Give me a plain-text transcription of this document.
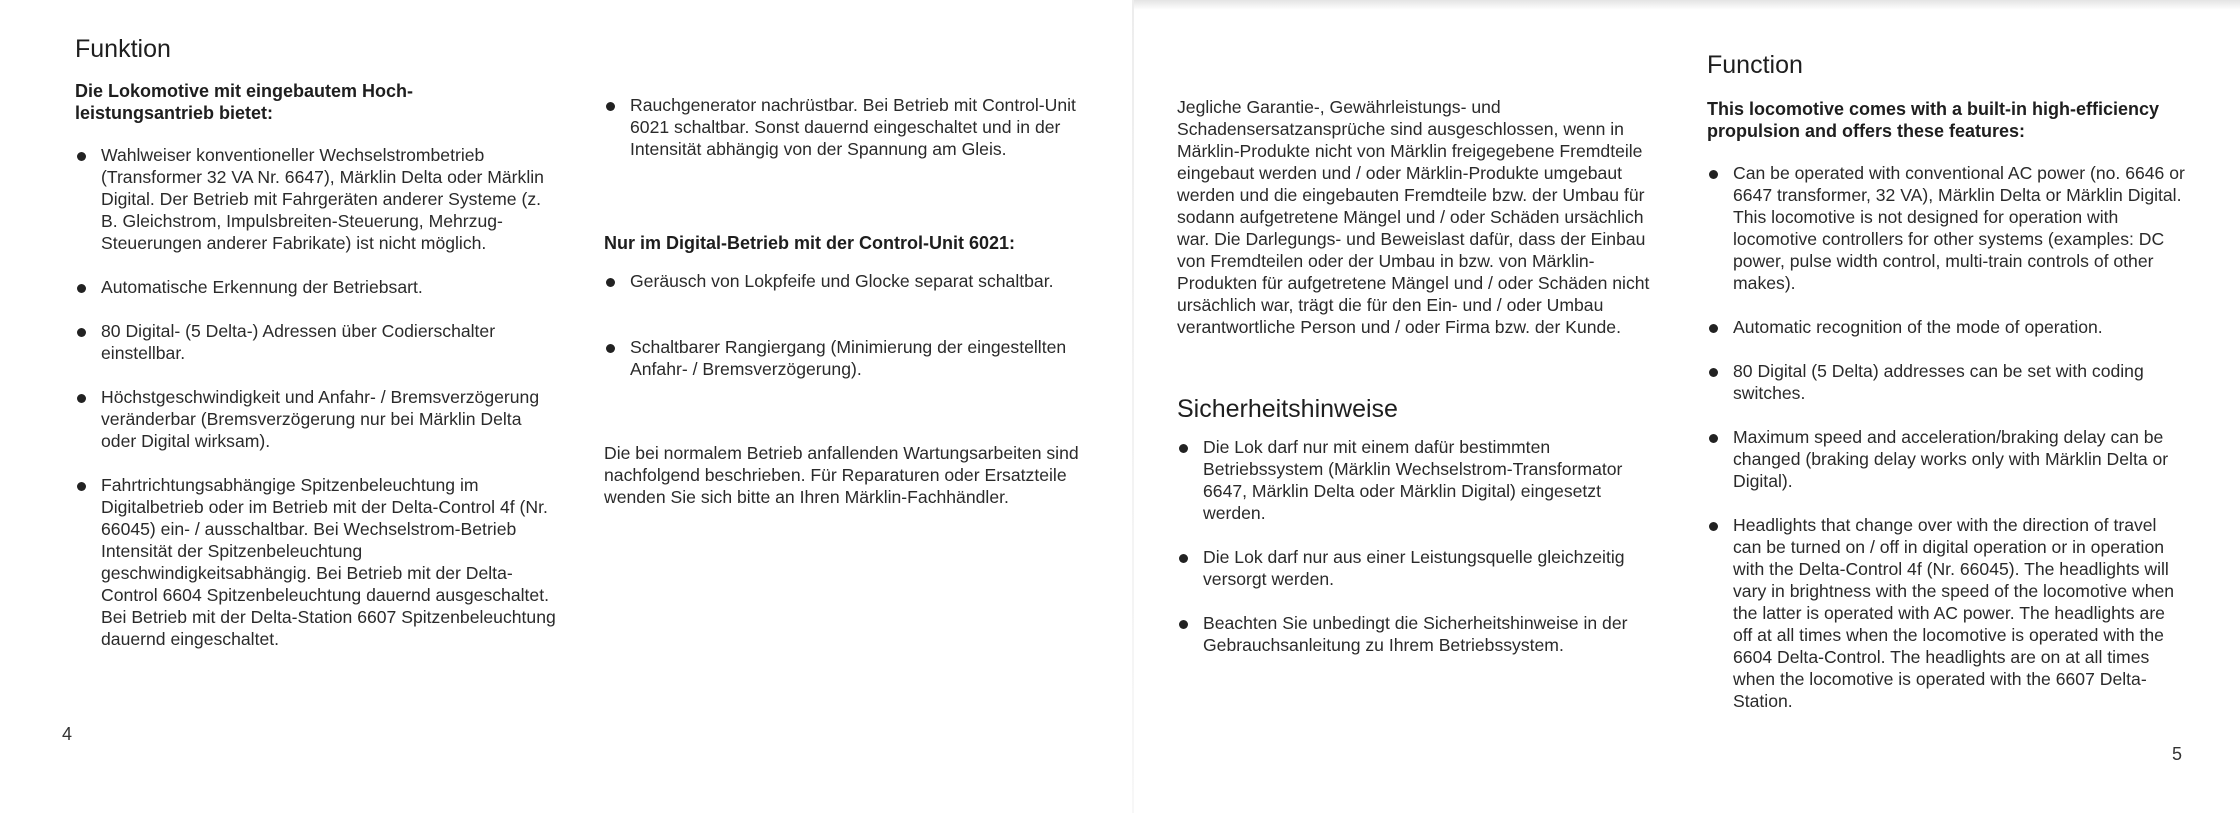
Funktion

Die Lokomotive mit eingebautem Hoch-leistungsantrieb bietet:

Wahlweiser konventioneller Wechselstrombetrieb (Transformer 32 VA Nr. 6647), Märklin Delta oder Märklin Digital. Der Betrieb mit Fahrgeräten anderer Systeme (z. B. Gleichstrom, Impulsbreiten-Steuerung, Mehrzug-Steuerungen anderer Fabrikate) ist nicht möglich.
Automatische Erkennung der Betriebsart.
80 Digital- (5 Delta-) Adressen über Codierschalter einstellbar.
Höchstgeschwindigkeit und Anfahr- / Bremsverzögerung veränderbar (Bremsverzögerung nur bei Märklin Delta oder Digital wirksam).
Fahrtrichtungsabhängige Spitzenbeleuchtung im Digitalbetrieb oder im Betrieb mit der Delta-Control 4f (Nr. 66045) ein- / ausschaltbar. Bei Wechselstrom-Betrieb Intensität der Spitzenbeleuchtung geschwindigkeitsabhängig. Bei Betrieb mit der Delta-Control 6604 Spitzenbeleuchtung dauernd ausgeschaltet. Bei Betrieb mit der Delta-Station 6607 Spitzenbeleuchtung dauernd eingeschaltet.
4
Rauchgenerator nachrüstbar. Bei Betrieb mit Control-Unit 6021 schaltbar. Sonst dauernd eingeschaltet und in der Intensität abhängig von der Spannung am Gleis.

Nur im Digital-Betrieb mit der Control-Unit 6021:

Geräusch von Lokpfeife und Glocke separat schaltbar.
Schaltbarer Rangiergang (Minimierung der eingestellten Anfahr- / Bremsverzögerung).

Die bei normalem Betrieb anfallenden Wartungsarbeiten sind nachfolgend beschrieben. Für Reparaturen oder Ersatzteile wenden Sie sich bitte an Ihren Märklin-Fachhändler.

Jegliche Garantie-, Gewährleistungs- und Schadensersatzansprüche sind ausgeschlossen, wenn in Märklin-Produkte nicht von Märklin freigegebene Fremdteile eingebaut werden und / oder Märklin-Produkte umgebaut werden und die eingebauten Fremdteile bzw. der Umbau für sodann aufgetretene Mängel und / oder Schäden ursächlich war. Die Darlegungs- und Beweislast dafür, dass der Einbau von Fremdteilen oder der Umbau in bzw. von Märklin-Produkten für aufgetretene Mängel und / oder Schäden nicht ursächlich war, trägt die für den Ein- und / oder Umbau verantwortliche Person und / oder Firma bzw. der Kunde.

Sicherheitshinweise
Die Lok darf nur mit einem dafür bestimmten Betriebssystem (Märklin Wechselstrom-Transformator 6647, Märklin Delta oder Märklin Digital) eingesetzt werden.
Die Lok darf nur aus einer Leistungsquelle gleichzeitig versorgt werden.
Beachten Sie unbedingt die Sicherheitshinweise in der Gebrauchsanleitung zu Ihrem Betriebssystem.
Function

This locomotive comes with a built-in high-efficiency propulsion and offers these features:

Can be operated with conventional AC power (no. 6646 or 6647 transformer, 32 VA), Märklin Delta or Märklin Digital. This locomotive is not designed for operation with locomotive controllers for other systems (examples: DC power, pulse width control, multi-train controls of other makes).
Automatic recognition of the mode of operation.
80 Digital (5 Delta) addresses can be set with coding switches.
Maximum speed and acceleration/braking delay can be changed (braking delay works only with Märklin Delta or Digital).
Headlights that change over with the direction of travel can be turned on / off in digital operation or in operation with the Delta-Control 4f (Nr. 66045). The headlights will vary in brightness with the speed of the locomotive when the latter is operated with AC power. The headlights are off at all times when the locomotive is operated with the 6604 Delta-Control. The headlights are on at all times when the locomotive is operated with the 6607 Delta-Station.
5
